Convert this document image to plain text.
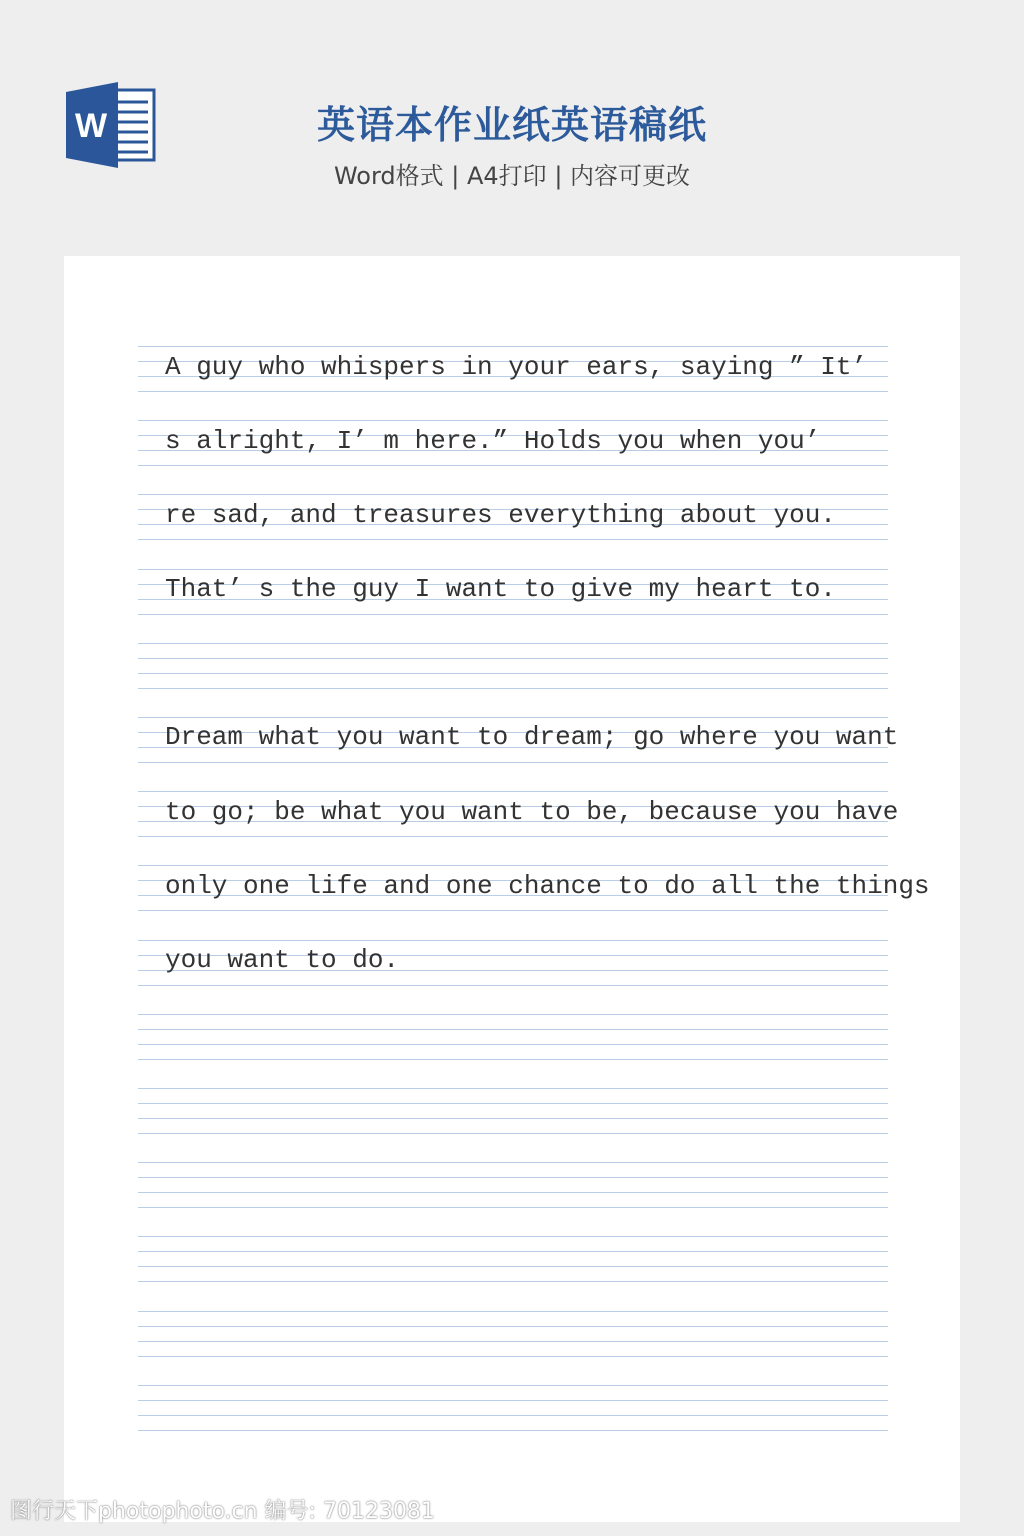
W	英语本作业纸英语稿纸
Word格式 | A4打印 | 内容可更改
A guy who whispers in your ears, saying ” It’
s alright, I’ m here.” Holds you when you’
re sad, and treasures everything about you.
That’ s the guy I want to give my heart to.
Dream what you want to dream; go where you want
to go; be what you want to be, because you have
only one life and one chance to do all the things
you want to do.
图行天下photophoto.cn 编号: 70123081
